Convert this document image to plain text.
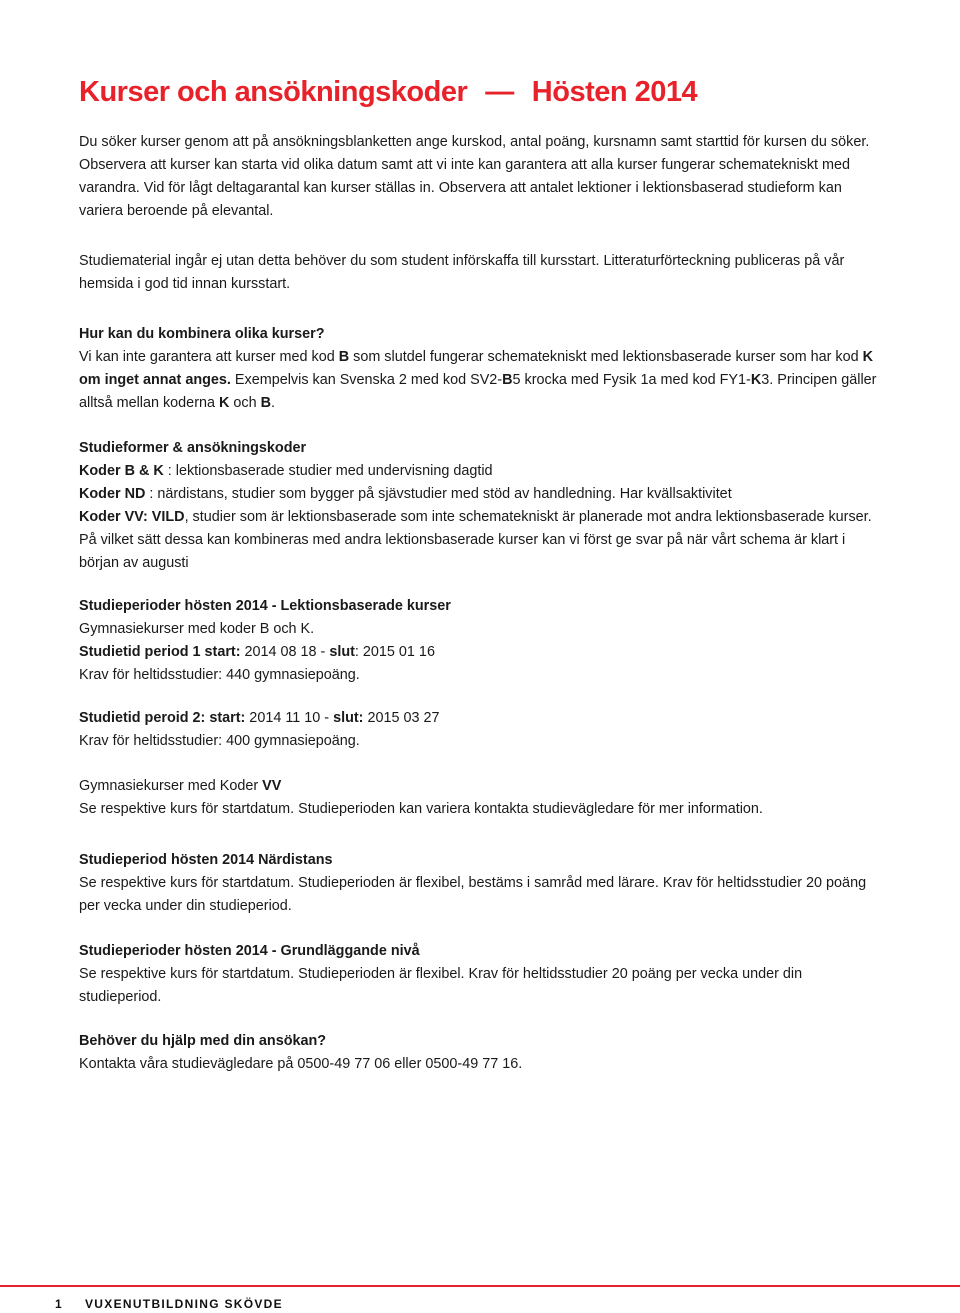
Kurser och ansökningskoder — Hösten 2014

Du söker kurser genom att på ansökningsblanketten ange kurskod, antal poäng, kursnamn samt starttid för kursen du söker. Observera att kurser kan starta vid olika datum samt att vi inte kan garantera att alla kurser fungerar schematekniskt med varandra. Vid för lågt deltagarantal kan kurser ställas in. Observera att antalet lektioner i lektionsbaserad studieform kan variera beroende på elevantal.

Studiematerial ingår ej utan detta behöver du som student införskaffa till kursstart. Litteraturförteckning publiceras på vår hemsida i god tid innan kursstart.

Hur kan du kombinera olika kurser?
Vi kan inte garantera att kurser med kod B som slutdel fungerar schematekniskt med lektionsbaserade kurser som har kod K om inget annat anges. Exempelvis kan Svenska 2 med kod SV2-B5 krocka med Fysik 1a med kod FY1-K3. Principen gäller alltså mellan koderna K och B.
Studieformer & ansökningskoder
Koder B & K : lektionsbaserade studier med undervisning dagtid
Koder ND : närdistans, studier som bygger på sjävstudier med stöd av handledning. Har kvällsaktivitet
Koder VV: VILD, studier som är lektionsbaserade som inte schematekniskt är planerade mot andra lektionsbaserade kurser. På vilket sätt dessa kan kombineras med andra lektionsbaserade kurser kan vi först ge svar på när vårt schema är klart i början av augusti
Studieperioder hösten 2014 - Lektionsbaserade kurser
Gymnasiekurser med koder B och K.
Studietid period 1 start: 2014 08 18 - slut: 2015 01 16
Krav för heltidsstudier: 440 gymnasiepoäng.
Studietid peroid 2: start: 2014 11 10 - slut: 2015 03 27
Krav för heltidsstudier: 400 gymnasiepoäng.
Gymnasiekurser med Koder VV
Se respektive kurs för startdatum. Studieperioden kan variera kontakta studievägledare för mer information.
Studieperiod hösten 2014 Närdistans
Se respektive kurs för startdatum. Studieperioden är flexibel, bestäms i samråd med lärare. Krav för heltidsstudier 20 poäng per vecka under din studieperiod.
Studieperioder hösten 2014 - Grundläggande nivå
Se respektive kurs för startdatum. Studieperioden är flexibel. Krav för heltidsstudier 20 poäng per vecka under din studieperiod.
Behöver du hjälp med din ansökan?
Kontakta våra studievägledare på 0500-49 77 06 eller 0500-49 77 16.
1 VUXENUTBILDNING SKÖVDE
